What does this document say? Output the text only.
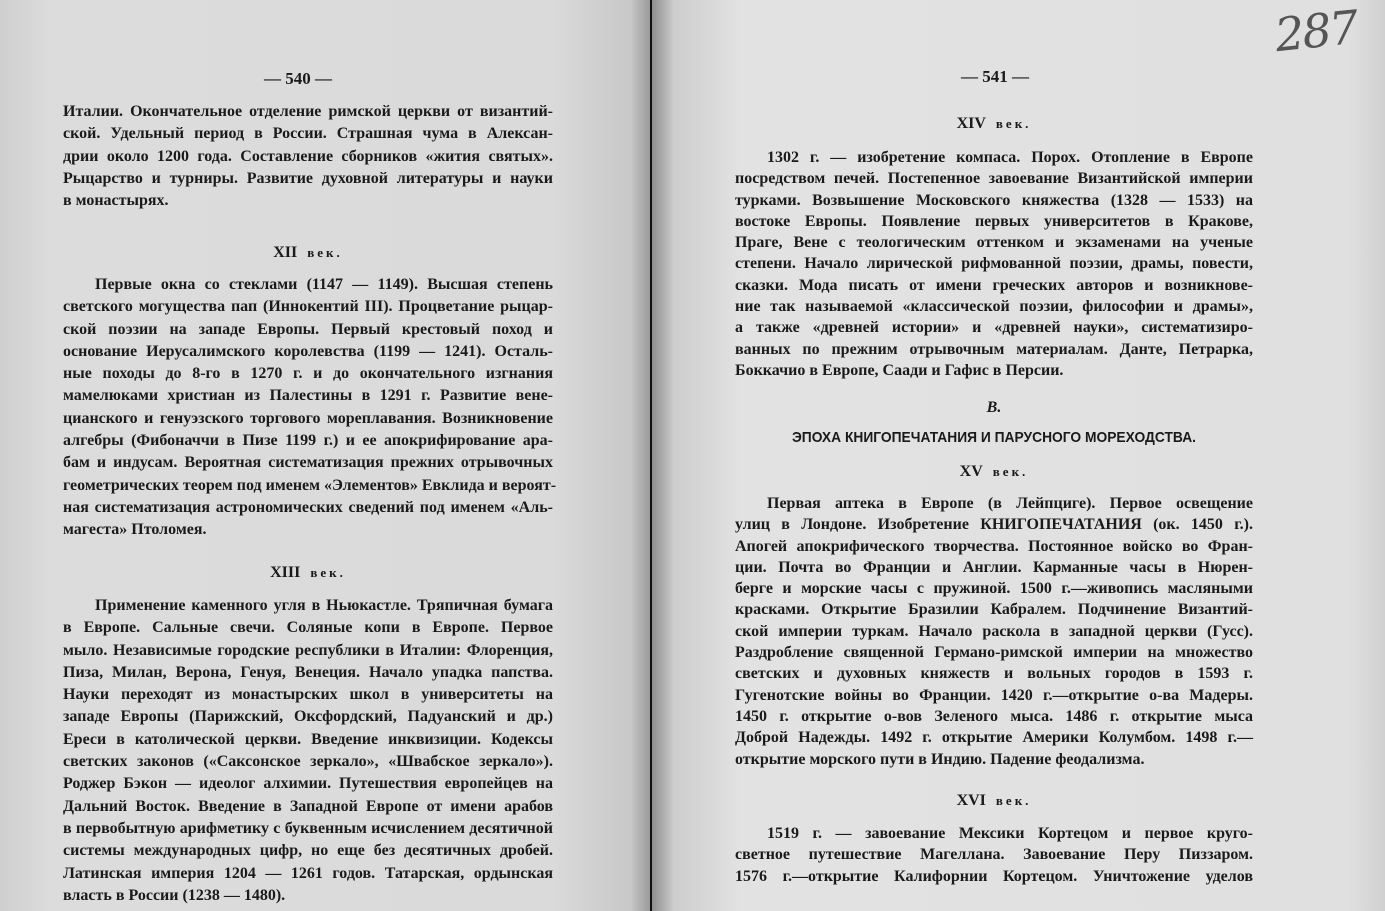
— 540 —
Италии. Окончательное отделение римской церкви от византий-
ской. Удельный период в России. Страшная чума в Алексан-
дрии около 1200 года. Составление сборников «жития святых».
Рыцарство и турниры. Развитие духовной литературы и науки
в монастырях.
XII век.
Первые окна со стеклами (1147 — 1149). Высшая степень
светского могущества пап (Иннокентий III). Процветание рыцар-
ской поэзии на западе Европы. Первый крестовый поход и
основание Иерусалимского королевства (1199 — 1241). Осталь-
ные походы до 8-го в 1270 г. и до окончательного изгнания
мамелюками христиан из Палестины в 1291 г. Развитие вене-
цианского и генуэзского торгового мореплавания. Возникновение
алгебры (Фибоначчи в Пизе 1199 г.) и ее апокрифирование ара-
бам и индусам. Вероятная систематизация прежних отрывочных
геометрических теорем под именем «Элементов» Евклида и вероят-
ная систематизация астрономических сведений под именем «Аль-
магеста» Птоломея.
XIII век.
Применение каменного угля в Ньюкастле. Тряпичная бумага
в Европе. Сальные свечи. Соляные копи в Европе. Первое
мыло. Независимые городские республики в Италии: Флоренция,
Пиза, Милан, Верона, Генуя, Венеция. Начало упадка папства.
Науки переходят из монастырских школ в университеты на
западе Европы (Парижский, Оксфордский, Падуанский и др.)
Ереси в католической церкви. Введение инквизиции. Кодексы
светских законов («Саксонское зеркало», «Швабское зеркало»).
Роджер Бэкон — идеолог алхимии. Путешествия европейцев на
Дальний Восток. Введение в Западной Европе от имени арабов
в первобытную арифметику с буквенным исчислением десятичной
системы международных цифр, но еще без десятичных дробей.
Латинская империя 1204 — 1261 годов. Татарская, ордынская
власть в России (1238 — 1480).
— 541 —
287
XIV век.
1302 г. — изобретение компаса. Порох. Отопление в Европе
посредством печей. Постепенное завоевание Византийской империи
турками. Возвышение Московского княжества (1328 — 1533) на
востоке Европы. Появление первых университетов в Кракове,
Праге, Вене с теологическим оттенком и экзаменами на ученые
степени. Начало лирической рифмованной поэзии, драмы, повести,
сказки. Мода писать от имени греческих авторов и возникнове-
ние так называемой «классической поэзии, философии и драмы»,
а также «древней истории» и «древней науки», систематизиро-
ванных по прежним отрывочным материалам. Данте, Петрарка,
Боккачио в Европе, Саади и Гафис в Персии.
В.
ЭПОХА КНИГОПЕЧАТАНИЯ И ПАРУСНОГО МОРЕХОДСТВА.
XV век.
Первая аптека в Европе (в Лейпциге). Первое освещение
улиц в Лондоне. Изобретение КНИГОПЕЧАТАНИЯ (ок. 1450 г.).
Апогей апокрифического творчества. Постоянное войско во Фран-
ции. Почта во Франции и Англии. Карманные часы в Нюрен-
берге и морские часы с пружиной. 1500 г.—живопись масляными
красками. Открытие Бразилии Кабралем. Подчинение Византий-
ской империи туркам. Начало раскола в западной церкви (Гусс).
Раздробление священной Германо-римской империи на множество
светских и духовных княжеств и вольных городов в 1593 г.
Гугенотские войны во Франции. 1420 г.—открытие о-ва Мадеры.
1450 г. открытие о-вов Зеленого мыса. 1486 г. открытие мыса
Доброй Надежды. 1492 г. открытие Америки Колумбом. 1498 г.—
открытие морского пути в Индию. Падение феодализма.
XVI век.
1519 г. — завоевание Мексики Кортецом и первое круго-
светное путешествие Магеллана. Завоевание Перу Пиззаром.
1576 г.—открытие Калифорнии Кортецом. Уничтожение уделов
